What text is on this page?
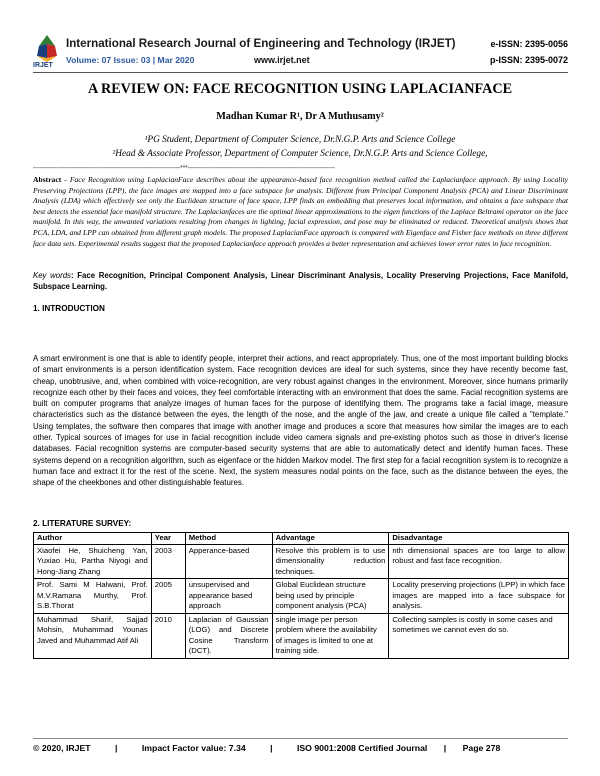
IRJET
International Research Journal of Engineering and Technology (IRJET)
Volume: 07 Issue: 03 | Mar 2020	www.irjet.net
e-ISSN: 2395-0056
p-ISSN: 2395-0072
A REVIEW ON: FACE RECOGNITION USING LAPLACIANFACE
Madhan Kumar R¹, Dr A Muthusamy²
¹PG Student, Department of Computer Science, Dr.N.G.P. Arts and Science College
²Head & Associate Professor, Department of Computer Science, Dr.N.G.P. Arts and Science College,
---------------------------------------------------------------------***---------------------------------------------------------------------
Abstract - Face Recognition using LaplacianFace describes about the appearance-based face recognition method called the Laplacianface approach. By using Locality Preserving Projections (LPP), the face images are mapped into a face subspace for analysis. Different from Principal Component Analysis (PCA) and Linear Discriminant Analysis (LDA) which effectively see only the Euclidean structure of face space, LPP finds an embedding that preserves local information, and obtains a face subspace that best detects the essential face manifold structure. The Laplacianfaces are the optimal linear approximations to the eigen functions of the Laplace Beltrami operator on the face manifold. In this way, the unwanted variations resulting from changes in lighting, facial expression, and pose may be eliminated or reduced. Theoretical analysis shows that PCA, LDA, and LPP can obtained from different graph models. The proposed LaplacianFace approach is compared with Eigenface and Fisher face methods on three different face data sets. Experimental results suggest that the proposed Laplacianface approach provides a better representation and achieves lower error rates in face recognition.
Key words: Face Recognition, Principal Component Analysis, Linear Discriminant Analysis, Locality Preserving Projections, Face Manifold, Subspace Learning.
1. INTRODUCTION
A smart environment is one that is able to identify people, interpret their actions, and react appropriately. Thus, one of the most important building blocks of smart environments is a person identification system. Face recognition devices are ideal for such systems, since they have recently become fast, cheap, unobtrusive, and, when combined with voice-recognition, are very robust against changes in the environment. Moreover, since humans primarily recognize each other by their faces and voices, they feel comfortable interacting with an environment that does the same. Facial recognition systems are built on computer programs that analyze images of human faces for the purpose of identifying them. The programs take a facial image, measure characteristics such as the distance between the eyes, the length of the nose, and the angle of the jaw, and create a unique file called a "template." Using templates, the software then compares that image with another image and produces a score that measures how similar the images are to each other. Typical sources of images for use in facial recognition include video camera signals and pre-existing photos such as those in driver's license databases. Facial recognition systems are computer-based security systems that are able to automatically detect and identify human faces. These systems depend on a recognition algorithm, such as eigenface or the hidden Markov model. The first step for a facial recognition system is to recognize a human face and extract it for the rest of the scene. Next, the system measures nodal points on the face, such as the distance between the eyes, the shape of the cheekbones and other distinguishable features.
2. LITERATURE SURVEY:
Author	Year	Method	Advantage	Disadvantage
Xiaofei He, Shuicheng Yan, Yuxiao Hu, Partha Niyogi and Hong-Jiang Zhang	2003	Apperance-based	Resolve this problem is to use dimensionality reduction techniques.	nth dimensional spaces are too large to allow robust and fast face recognition.
Prof. Sami M Halwani, Prof. M.V.Ramana Murthy, Prof. S.B.Thorat	2005	unsupervised and appearance based approach	Global Euclidean structure being used by principle component analysis (PCA)	Locality preserving projections (LPP) in which face images are mapped into a face subspace for analysis.
Muhammad Sharif, Sajjad Mohsin, Muhammad Younas Javed and Muhammad Atif Ali	2010	Laplacian of Gaussian (LOG) and Discrete Cosine Transform (DCT).	single image per person problem where the availability of images is limited to one at training side.	Collecting samples is costly in some cases and sometimes we cannot even do so.
© 2020, IRJET	|	Impact Factor value: 7.34	|	ISO 9001:2008 Certified Journal | Page 278
